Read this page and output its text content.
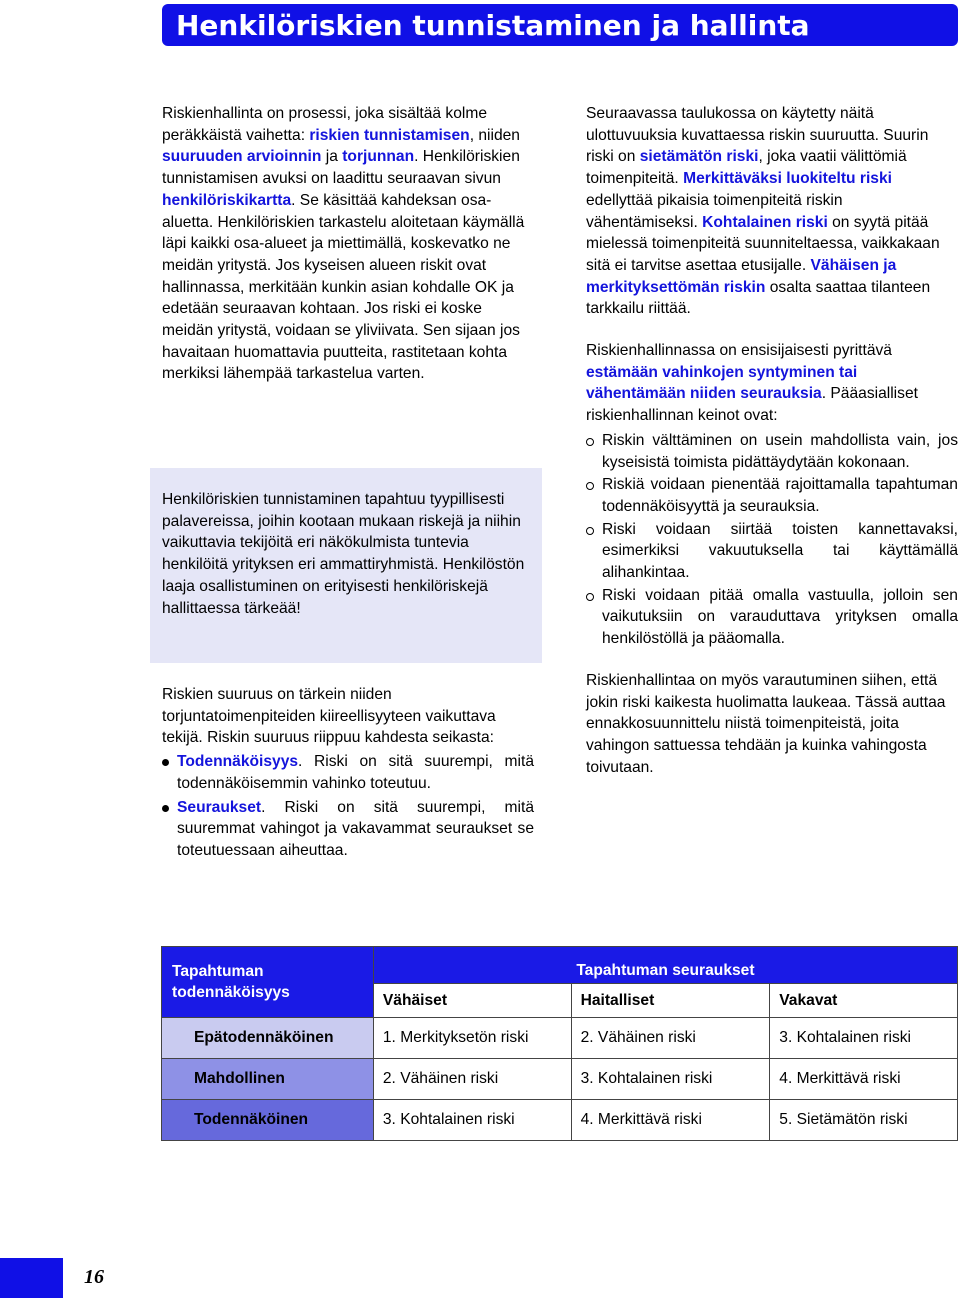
Henkilöriskien tunnistaminen ja hallinta

Riskienhallinta on prosessi, joka sisältää kolme peräkkäistä vaihetta: riskien tunnistamisen, niiden suuruuden arvioinnin ja torjunnan. Henkilöriskien tunnistamisen avuksi on laadittu seuraavan sivun henkilöriskikartta. Se käsittää kahdeksan osa-aluetta. Henkilöriskien tarkastelu aloitetaan käymällä läpi kaikki osa-alueet ja miettimällä, koskevatko ne meidän yritystä. Jos kyseisen alueen riskit ovat hallinnassa, merkitään kunkin asian kohdalle OK ja edetään seuraavan kohtaan. Jos riski ei koske meidän yritystä, voidaan se yliviivata. Sen sijaan jos havaitaan huomattavia puutteita, rastitetaan kohta merkiksi lähempää tarkastelua varten.

Henkilöriskien tunnistaminen tapahtuu tyypillisesti palavereissa, joihin kootaan mukaan riskejä ja niihin vaikuttavia tekijöitä eri näkökulmista tuntevia henkilöitä yrityksen eri ammattiryhmistä. Henkilöstön laaja osallistuminen on erityisesti henkilöriskejä hallittaessa tärkeää!

Riskien suuruus on tärkein niiden torjuntatoimenpiteiden kiireellisyyteen vaikuttava tekijä. Riskin suuruus riippuu kahdesta seikasta:

Todennäköisyys. Riski on sitä suurempi, mitä todennäköisemmin vahinko toteutuu.
Seuraukset. Riski on sitä suurempi, mitä suuremmat vahingot ja vakavammat seuraukset se toteutuessaan aiheuttaa.

Seuraavassa taulukossa on käytetty näitä ulottuvuuksia kuvattaessa riskin suuruutta. Suurin riski on sietämätön riski, joka vaatii välittömiä toimenpiteitä. Merkittäväksi luokiteltu riski edellyttää pikaisia toimenpiteitä riskin vähentämiseksi. Kohtalainen riski on syytä pitää mielessä toimenpiteitä suunniteltaessa, vaikkakaan sitä ei tarvitse asettaa etusijalle. Vähäisen ja merkityksettömän riskin osalta saattaa tilanteen tarkkailu riittää.

Riskienhallinnassa on ensisijaisesti pyrittävä estämään vahinkojen syntyminen tai vähentämään niiden seurauksia. Pääasialliset riskienhallinnan keinot ovat:

Riskin välttäminen on usein mahdollista vain, jos kyseisistä toimista pidättäydytään kokonaan.
Riskiä voidaan pienentää rajoittamalla tapahtuman todennäköisyyttä ja seurauksia.
Riski voidaan siirtää toisten kannettavaksi, esimerkiksi vakuutuksella tai käyttämällä alihankintaa.
Riski voidaan pitää omalla vastuulla, jolloin sen vaikutuksiin on varauduttava yrityksen omalla henkilöstöllä ja pääomalla.

Riskienhallintaa on myös varautuminen siihen, että jokin riski kaikesta huolimatta laukeaa. Tässä auttaa ennakkosuunnittelu niistä toimenpiteistä, joita vahingon sattuessa tehdään ja kuinka vahingosta toivutaan.

Tapahtuman todennäköisyys	Tapahtuman seuraukset		
	Vähäiset	Haitalliset	Vakavat
Epätodennäköinen	1. Merkityksetön riski	2. Vähäinen riski	3. Kohtalainen riski
Mahdollinen	2. Vähäinen riski	3. Kohtalainen riski	4. Merkittävä riski
Todennäköinen	3. Kohtalainen riski	4. Merkittävä riski	5. Sietämätön riski
16
